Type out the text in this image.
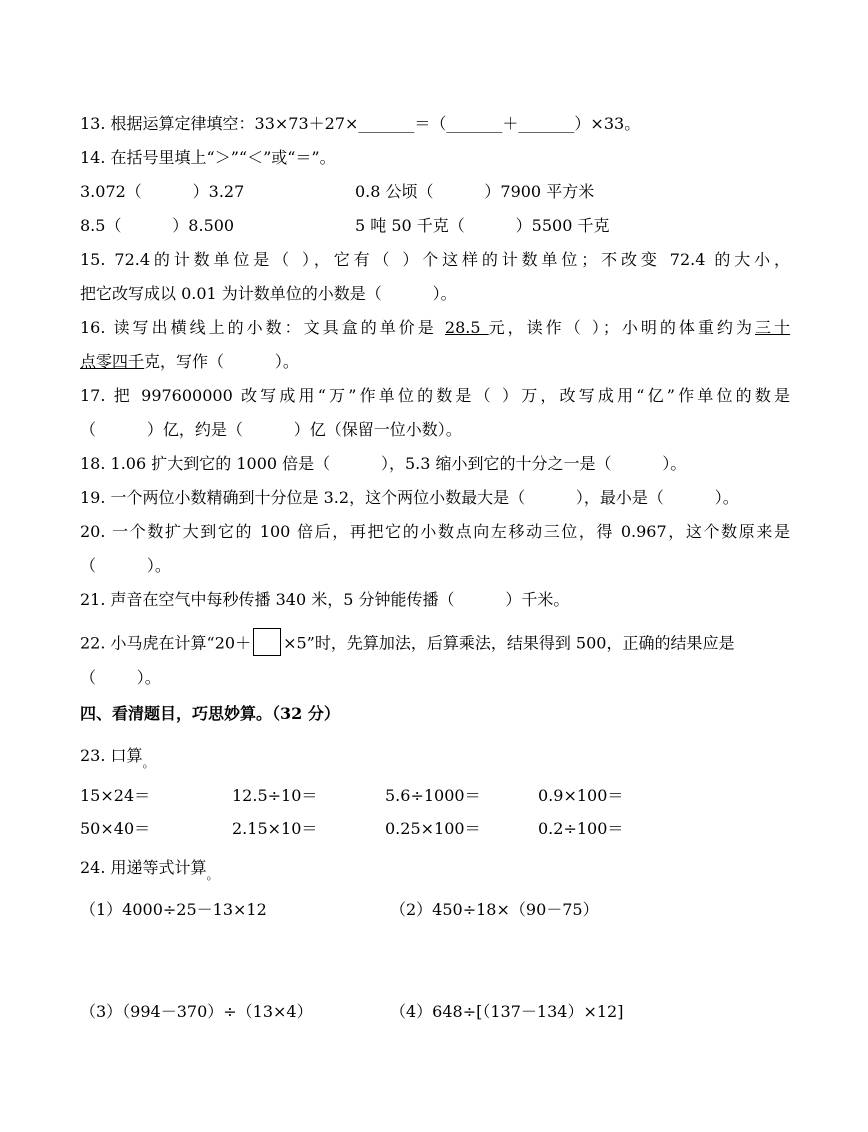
13. 根据运算定律填空：33×73＋27×_______＝（_______＋_______）×33。
14. 在括号里填上“＞”“＜”或“＝”。
3.072（          ）3.27	0.8 公顷（          ）7900 平方米
8.5（          ）8.500	5 吨 50 千克（          ）5500 千克
15. 72.4的计数单位是（ ），它有（ ）个这样的计数单位；不改变 72.4 的大小，
把它改写成以 0.01 为计数单位的小数是（          ）。
16. 读写出横线上的小数：文具盒的单价是 28.5 元，读作（ ）；小明的体重约为三十
点零四千克，写作（          ）。
17. 把 997600000 改写成用“万”作单位的数是（ ）万，改写成用“亿”作单位的数是
（          ）亿，约是（          ）亿（保留一位小数）。
18. 1.06 扩大到它的 1000 倍是（          ），5.3 缩小到它的十分之一是（          ）。
19. 一个两位小数精确到十分位是 3.2，这个两位小数最大是（          ），最小是（          ）。
20. 一个数扩大到它的 100 倍后，再把它的小数点向左移动三位，得 0.967，这个数原来是
（          ）。
21. 声音在空气中每秒传播 340 米，5 分钟能传播（          ）千米。
22. 小马虎在计算“20＋ ×5”时，先算加法，后算乘法，结果得到 500，正确的结果应是
（        ）。
四、看清题目，巧思妙算。（32 分）
23. 口算$_。$
15×24＝	12.5÷10＝	5.6÷1000＝	0.9×100＝
50×40＝	2.15×10＝	0.25×100＝	0.2÷100＝
24. 用递等式计算$_。$
（1）4000÷25－13×12	（2）450÷18×（90－75）
（3）（994－370）÷（13×4）	（4）648÷[（137－134）×12]
